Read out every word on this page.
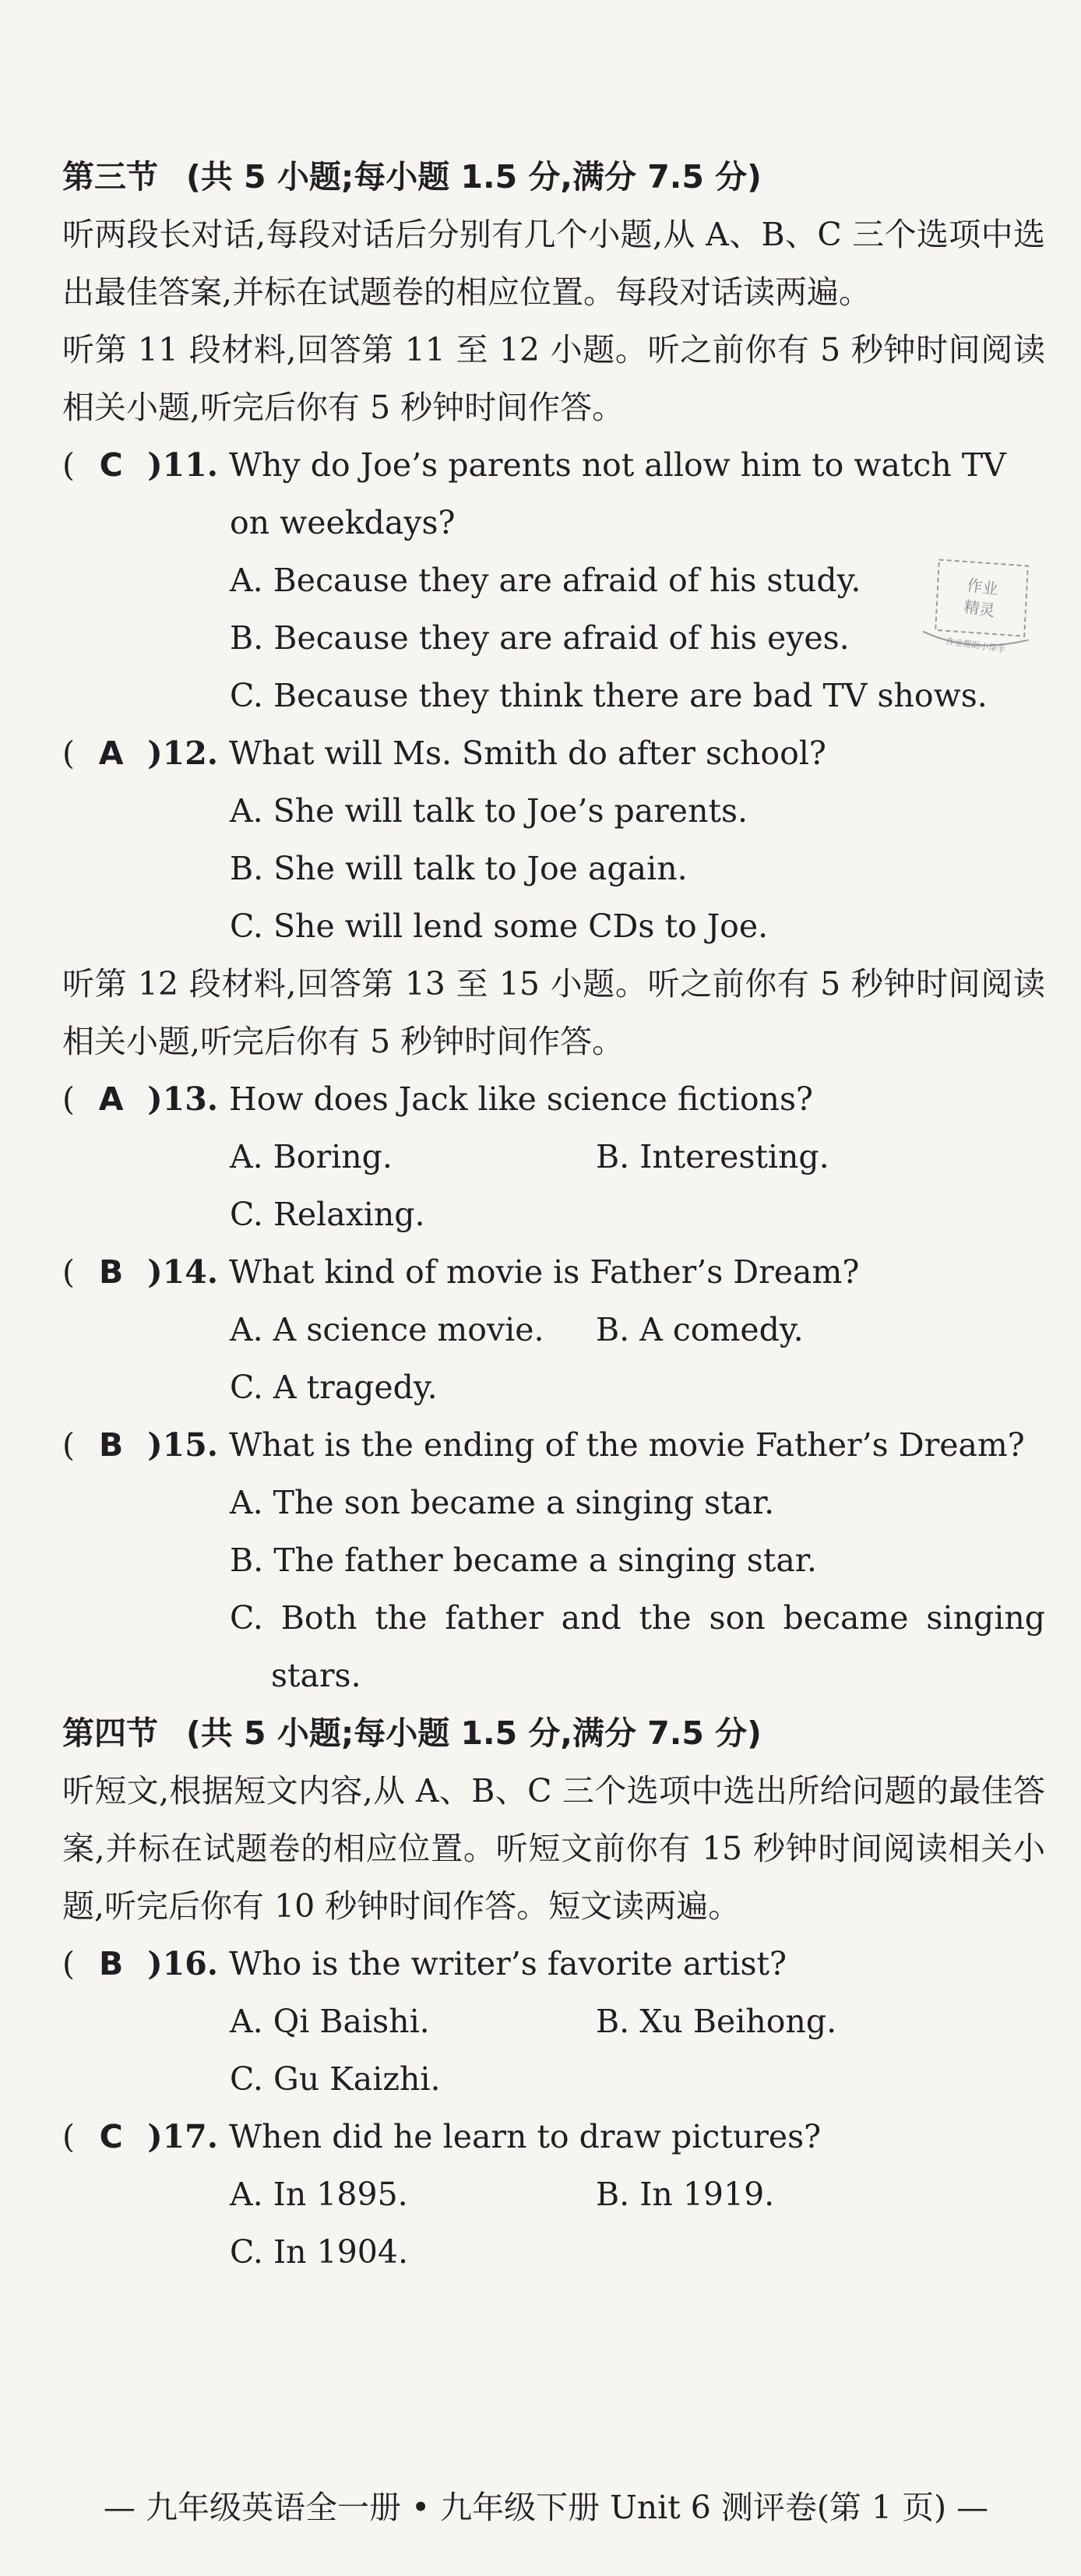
第三节 (共 5 小题;每小题 1.5 分,满分 7.5 分)
听两段长对话,每段对话后分别有几个小题,从 A、B、C 三个选项中选出最佳答案,并标在试题卷的相应位置。每段对话读两遍。
听第 11 段材料,回答第 11 至 12 小题。听之前你有 5 秒钟时间阅读相关小题,听完后你有 5 秒钟时间作答。
( C )11. Why do Joe’s parents not allow him to watch TV
on weekdays?
A. Because they are afraid of his study.
B. Because they are afraid of his eyes.
C. Because they think there are bad TV shows.
( A )12. What will Ms. Smith do after school?
A. She will talk to Joe’s parents.
B. She will talk to Joe again.
C. She will lend some CDs to Joe.
听第 12 段材料,回答第 13 至 15 小题。听之前你有 5 秒钟时间阅读相关小题,听完后你有 5 秒钟时间作答。
( A )13. How does Jack like science fictions?
A. Boring.	B. Interesting.
C. Relaxing.
( B )14. What kind of movie is Father’s Dream?
A. A science movie.	B. A comedy.
C. A tragedy.
( B )15. What is the ending of the movie Father’s Dream?
A. The son became a singing star.
B. The father became a singing star.
C. Both the father and the son became singing
stars.
第四节 (共 5 小题;每小题 1.5 分,满分 7.5 分)
听短文,根据短文内容,从 A、B、C 三个选项中选出所给问题的最佳答案,并标在试题卷的相应位置。听短文前你有 15 秒钟时间阅读相关小题,听完后你有 10 秒钟时间作答。短文读两遍。
( B )16. Who is the writer’s favorite artist?
A. Qi Baishi.	B. Xu Beihong.
C. Gu Kaizhi.
( C )17. When did he learn to draw pictures?
A. In 1895.	B. In 1919.
C. In 1904.
作业
精灵
作业帮助小帮手
— 九年级英语全一册 • 九年级下册 Unit 6 测评卷(第 1 页) —
